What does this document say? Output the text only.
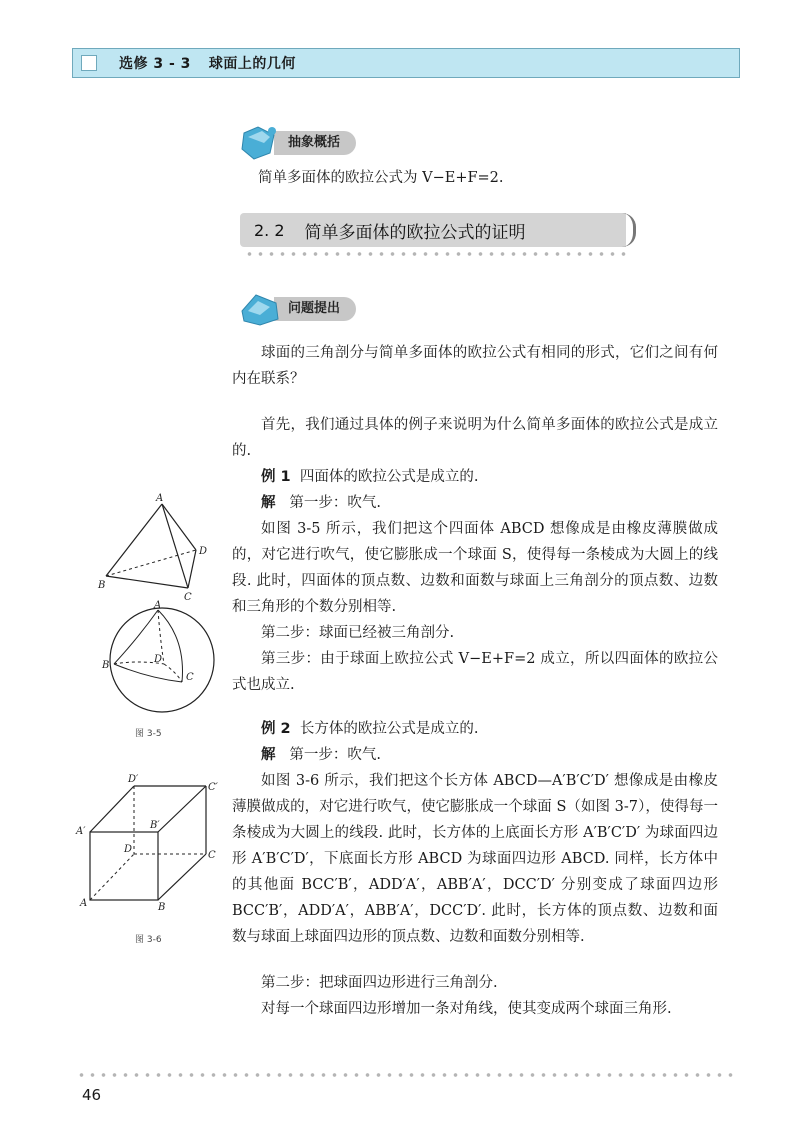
选修 3 - 3 球面上的几何
抽象概括

简单多面体的欧拉公式为 V−E+F=2.

2. 2 简单多面体的欧拉公式的证明
问题提出

球面的三角剖分与简单多面体的欧拉公式有相同的形式，它们之间有何内在联系？

首先，我们通过具体的例子来说明为什么简单多面体的欧拉公式是成立的.

例 1 四面体的欧拉公式是成立的.

解 第一步：吹气.

如图 3-5 所示，我们把这个四面体 ABCD 想像成是由橡皮薄膜做成的，对它进行吹气，使它膨胀成一个球面 S，使得每一条棱成为大圆上的线段. 此时，四面体的顶点数、边数和面数与球面上三角剖分的顶点数、边数和三角形的个数分别相等.

第二步：球面已经被三角剖分.

第三步：由于球面上欧拉公式 V−E+F=2 成立，所以四面体的欧拉公式也成立.

例 2 长方体的欧拉公式是成立的.

解 第一步：吹气.

如图 3-6 所示，我们把这个长方体 ABCD—A′B′C′D′ 想像成是由橡皮薄膜做成的，对它进行吹气，使它膨胀成一个球面 S（如图 3-7），使得每一条棱成为大圆上的线段. 此时，长方体的上底面长方形 A′B′C′D′ 为球面四边形 A′B′C′D′，下底面长方形 ABCD 为球面四边形 ABCD. 同样，长方体中的其他面 BCC′B′，ADD′A′，ABB′A′，DCC′D′ 分别变成了球面四边形 BCC′B′，ADD′A′，ABB′A′，DCC′D′. 此时，长方体的顶点数、边数和面数与球面上球面四边形的顶点数、边数和面数分别相等.

第二步：把球面四边形进行三角剖分.

对每一个球面四边形增加一条对角线，使其变成两个球面三角形.

A
B
C
D
A
B
C
D
图 3-5
D′
C′
A′
B′
D
C
A	B
图 3-6
46
